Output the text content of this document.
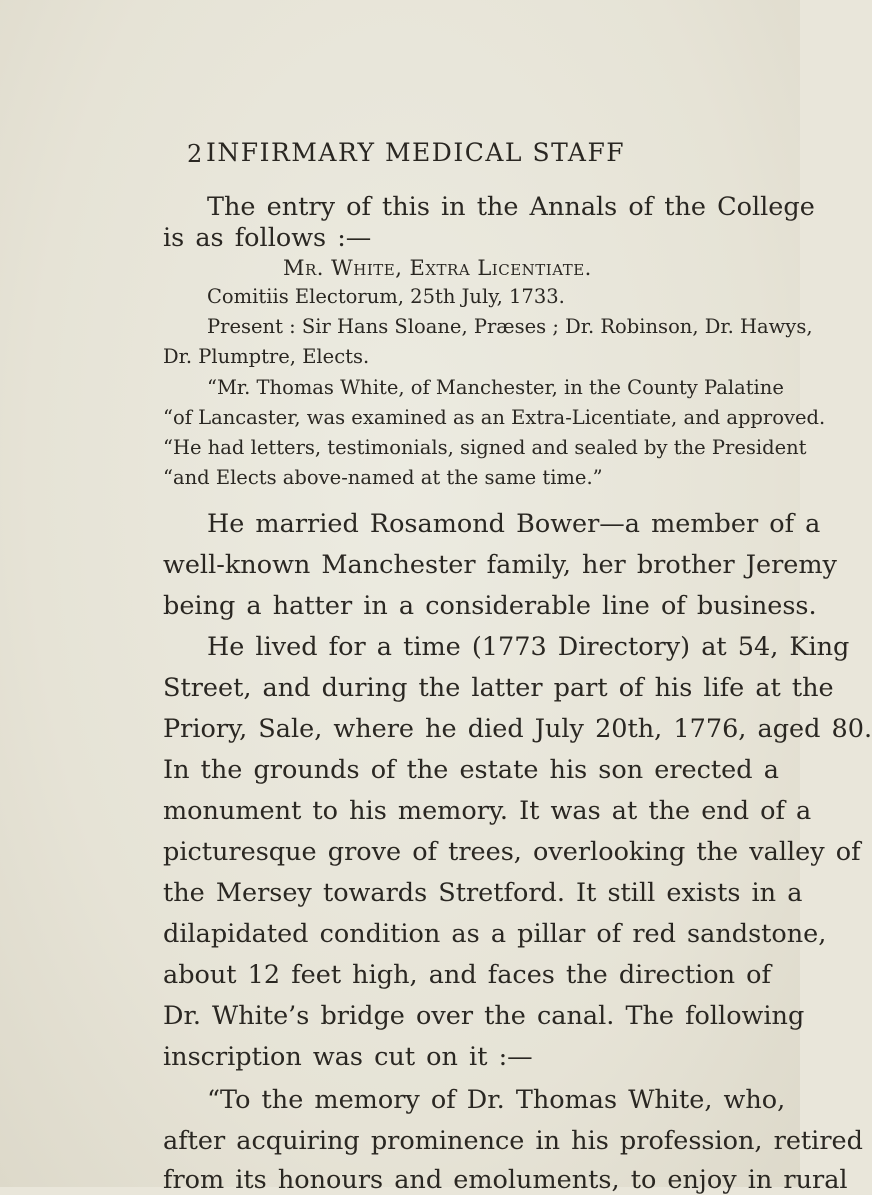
2 INFIRMARY MEDICAL STAFF
The entry of this in the Annals of the College
is as follows :—
Mr. White, Extra Licentiate.
Comitiis Electorum, 25th July, 1733.
Present : Sir Hans Sloane, Præses ; Dr. Robinson, Dr. Hawys,
Dr. Plumptre, Elects.
“Mr. Thomas White, of Manchester, in the County Palatine
“of Lancaster, was examined as an Extra-Licentiate, and approved.
“He had letters, testimonials, signed and sealed by the President
“and Elects above-named at the same time.”
He married Rosamond Bower—a member of a
well-known Manchester family, her brother Jeremy
being a hatter in a considerable line of business.
He lived for a time (1773 Directory) at 54, King
Street, and during the latter part of his life at the
Priory, Sale, where he died July 20th, 1776, aged 80.
In the grounds of the estate his son erected a
monument to his memory. It was at the end of a
picturesque grove of trees, overlooking the valley of
the Mersey towards Stretford. It still exists in a
dilapidated condition as a pillar of red sandstone,
about 12 feet high, and faces the direction of
Dr. White’s bridge over the canal. The following
inscription was cut on it :—
“To the memory of Dr. Thomas White, who,
after acquiring prominence in his profession, retired
from its honours and emoluments, to enjoy in rural
